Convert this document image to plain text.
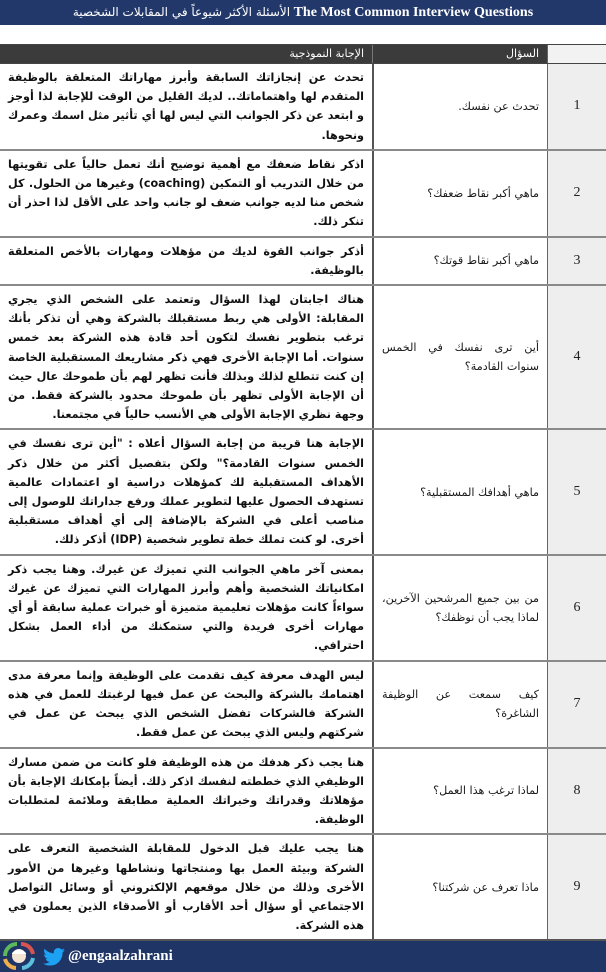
الأسئلة الأكثر شيوعاً في المقابلات الشخصية The Most Common Interview Questions
السؤال
الإجابة النموذجية
1
تحدث عن نفسك.
تحدث عن إنجازاتك السابقة وأبرز مهاراتك المتعلقة بالوظيفة المتقدم لها واهتماماتك.. لديك القليل من الوقت للإجابة لذا أوجز و ابتعد عن ذكر الجوانب التي ليس لها أي تأثير مثل اسمك وعمرك ونحوها.
2
ماهي أكبر نقاط ضعفك؟
اذكر نقاط ضعفك مع أهمية توضيح أنك تعمل حالياً على تقويتها من خلال التدريب أو التمكين (coaching) وغيرها من الحلول. كل شخص منا لديه جوانب ضعف لو جانب واحد على الأقل لذا احذر أن تنكر ذلك.
3
ماهي أكبر نقاط قوتك؟
أذكر جوانب القوة لديك من مؤهلات ومهارات بالأخص المتعلقة بالوظيفة.
4
أين ترى نفسك في الخمس سنوات القادمة؟
هناك اجابتان لهذا السؤال وتعتمد على الشخص الذي يجري المقابلة: الأولى هي ربط مستقبلك بالشركة وهي أن تذكر بأنك ترغب بتطوير نفسك لتكون أحد قادة هذه الشركة بعد خمس سنوات. أما الإجابة الأخرى فهي ذكر مشاريعك المستقبلية الخاصة إن كنت تتطلع لذلك وبذلك فأنت تظهر لهم بأن طموحك عال حيث أن الإجابة الأولى تظهر بأن طموحك محدود بالشركة فقط. من وجهة نظري الإجابة الأولى هي الأنسب حالياً في مجتمعنا.
5
ماهي أهدافك المستقبلية؟
الإجابة هنا قريبة من إجابة السؤال أعلاه : "أين ترى نفسك في الخمس سنوات القادمة؟" ولكن بتفصيل أكثر من خلال ذكر الأهداف المستقبلية لك كمؤهلات دراسية او اعتمادات عالمية تستهدف الحصول عليها لتطوير عملك ورفع جداراتك للوصول إلى مناصب أعلى في الشركة بالإضافة إلى أي أهداف مستقبلية أخرى. لو كنت تملك خطة تطوير شخصية (IDP) أذكر ذلك.
6
من بين جميع المرشحين الآخرين، لماذا يجب أن نوظفك؟
بمعنى آخر ماهي الجوانب التي تميزك عن غيرك. وهنا يجب ذكر امكانياتك الشخصية وأهم وأبرز المهارات التي تميزك عن غيرك سواءاً كانت مؤهلات تعليمية متميزة أو خبرات عملية سابقة أو أي مهارات أخرى فريدة والتي ستمكنك من أداء العمل بشكل احترافي.
7
كيف سمعت عن الوظيفة الشاغرة؟
ليس الهدف معرفة كيف تقدمت على الوظيفة وإنما معرفة مدى اهتمامك بالشركة والبحث عن عمل فيها لرغبتك للعمل في هذه الشركة فالشركات تفضل الشخص الذي يبحث عن عمل في شركتهم وليس الذي يبحث عن عمل فقط.
8
لماذا ترغب هذا العمل؟
هنا يجب ذكر هدفك من هذه الوظيفة فلو كانت من ضمن مسارك الوظيفي الذي خططته لنفسك اذكر ذلك. أيضاً بإمكانك الإجابة بأن مؤهلاتك وقدراتك وخبراتك العملية مطابقة وملائمة لمتطلبات الوظيفة.
9
ماذا تعرف عن شركتنا؟
هنا يجب عليك قبل الدخول للمقابلة الشخصية التعرف على الشركة وبيئة العمل بها ومنتجاتها ونشاطها وغيرها من الأمور الأخرى وذلك من خلال موقعهم الإلكتروني أو وسائل التواصل الاجتماعي أو سؤال أحد الأقارب أو الأصدقاء الذين يعملون في هذه الشركة.
@engaalzahrani
